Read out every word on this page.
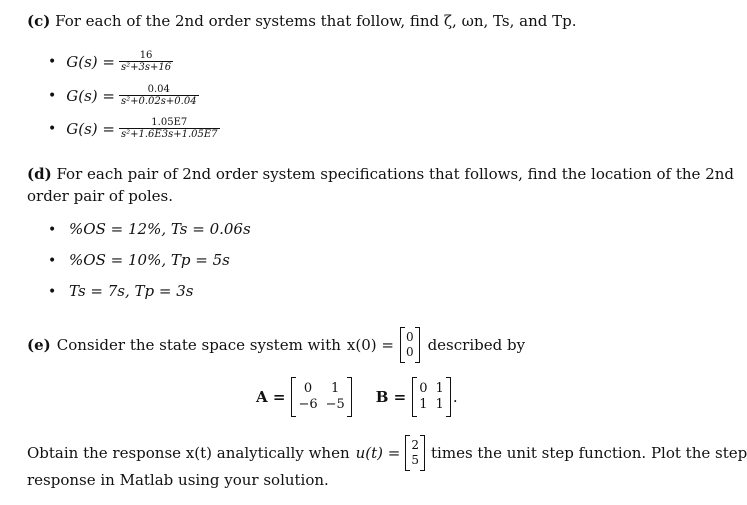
(c) For each of the 2nd order systems that follow, find ζ, ωn, Ts, and Tp.
• $G(s) = \frac{16}{\text{s²+3s+16}}$
• $G(s) = \frac{0.04}{\text{s²+0.02s+0.04}}$
• $G(s) = \frac{1.05E7}{\text{s²+1.6E3s+1.05E7}}$
(d) For each pair of 2nd order system specifications that follows, find the location of the 2nd
order pair of poles.
• %OS = 12%, Ts = 0.06s
• %OS = 10%, Tp = 5s
• Ts = 7s, Tp = 3s
(e) Consider the state space system with x(0) = 0
0 described by
A =	0	1
−6 −5 B = 0 1
1 1 .
Obtain the response x(t) analytically when u(t) = 2
5 times the unit step function. Plot the step
response in Matlab using your solution.
